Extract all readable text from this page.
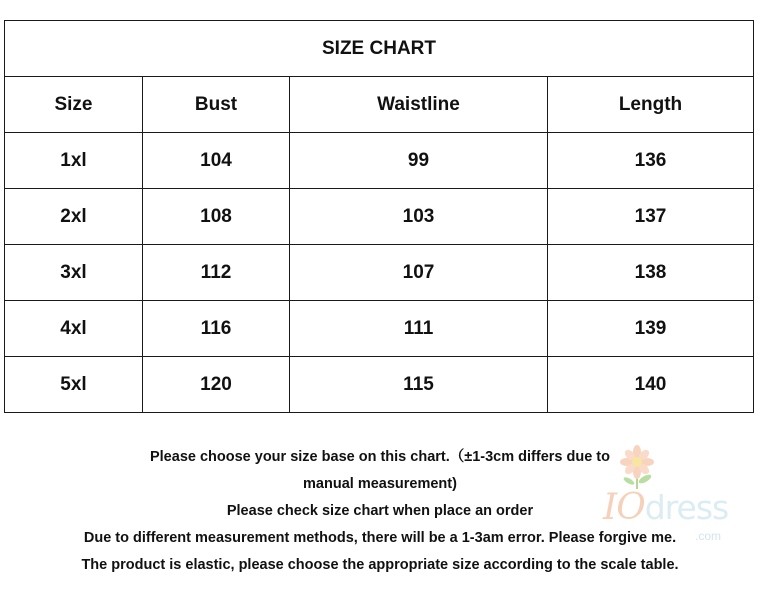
SIZE CHART			
Size	Bust	Waistline	Length
1xl	104	99	136
2xl	108	103	137
3xl	112	107	138
4xl	116	111	139
5xl	120	115	140
Please choose your size base on this chart.（±1-3cm differs due to
manual measurement)
Please check size chart when place an order
Due to different measurement methods, there will be a 1-3am error. Please forgive me.
The product is elastic, please choose the appropriate size according to the scale table.
IOdress
.com
